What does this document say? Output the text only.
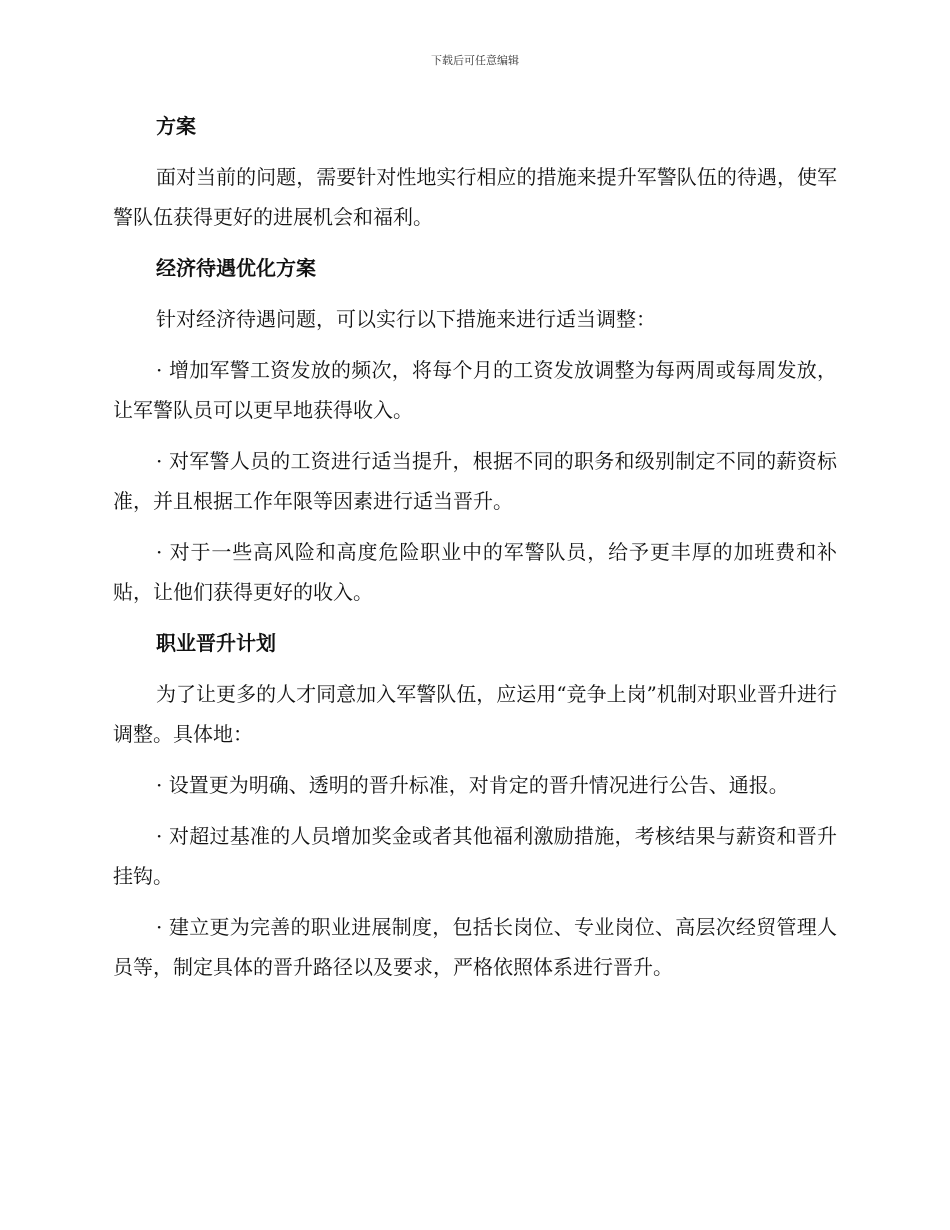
下载后可任意编辑
方案
面对当前的问题，需要针对性地实行相应的措施来提升军警队伍的待遇，使军警队伍获得更好的进展机会和福利。
经济待遇优化方案
针对经济待遇问题，可以实行以下措施来进行适当调整：
· 增加军警工资发放的频次，将每个月的工资发放调整为每两周或每周发放，让军警队员可以更早地获得收入。
· 对军警人员的工资进行适当提升，根据不同的职务和级别制定不同的薪资标准，并且根据工作年限等因素进行适当晋升。
· 对于一些高风险和高度危险职业中的军警队员，给予更丰厚的加班费和补贴，让他们获得更好的收入。
职业晋升计划
为了让更多的人才同意加入军警队伍，应运用“竞争上岗”机制对职业晋升进行调整。具体地：
· 设置更为明确、透明的晋升标准，对肯定的晋升情况进行公告、通报。
· 对超过基准的人员增加奖金或者其他福利激励措施，考核结果与薪资和晋升挂钩。
· 建立更为完善的职业进展制度，包括长岗位、专业岗位、高层次经贸管理人员等，制定具体的晋升路径以及要求，严格依照体系进行晋升。
